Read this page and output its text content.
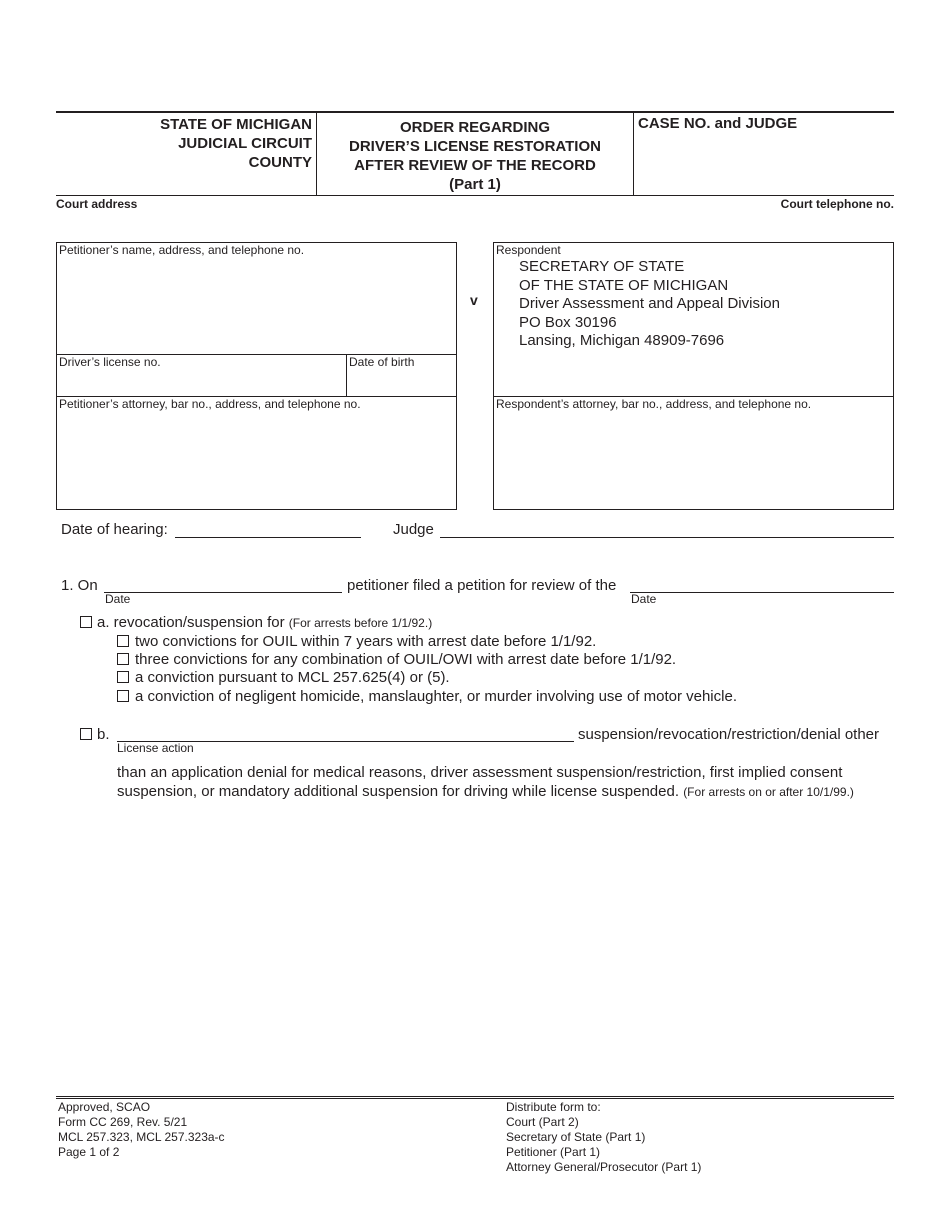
STATE OF MICHIGAN
JUDICIAL CIRCUIT
COUNTY
ORDER REGARDING
DRIVER’S LICENSE RESTORATION
AFTER REVIEW OF THE RECORD
(Part 1)
CASE NO. and JUDGE
Court address	Court telephone no.
Petitioner’s name, address, and telephone no.
Driver’s license no.	Date of birth
Petitioner’s attorney, bar no., address, and telephone no.
v
Respondent
SECRETARY OF STATE
OF THE STATE OF MICHIGAN
Driver Assessment and Appeal Division
PO Box 30196
Lansing, Michigan 48909-7696
Respondent’s attorney, bar no., address, and telephone no.
Date of hearing:	Judge
1. On
Date
petitioner filed a petition for review of the
Date
a. revocation/suspension for (For arrests before 1/1/92.)
two convictions for OUIL within 7 years with arrest date before 1/1/92.
three convictions for any combination of OUIL/OWI with arrest date before 1/1/92.
a conviction pursuant to MCL 257.625(4) or (5).
a conviction of negligent homicide, manslaughter, or murder involving use of motor vehicle.
b.
License action
suspension/revocation/restriction/denial other
than an application denial for medical reasons, driver assessment suspension/restriction, first implied consent
suspension, or mandatory additional suspension for driving while license suspended. (For arrests on or after 10/1/99.)
Approved, SCAO
Form CC 269, Rev. 5/21
MCL 257.323, MCL 257.323a-c
Page 1 of 2
Distribute form to:
Court (Part 2)
Secretary of State (Part 1)
Petitioner (Part 1)
Attorney General/Prosecutor (Part 1)
